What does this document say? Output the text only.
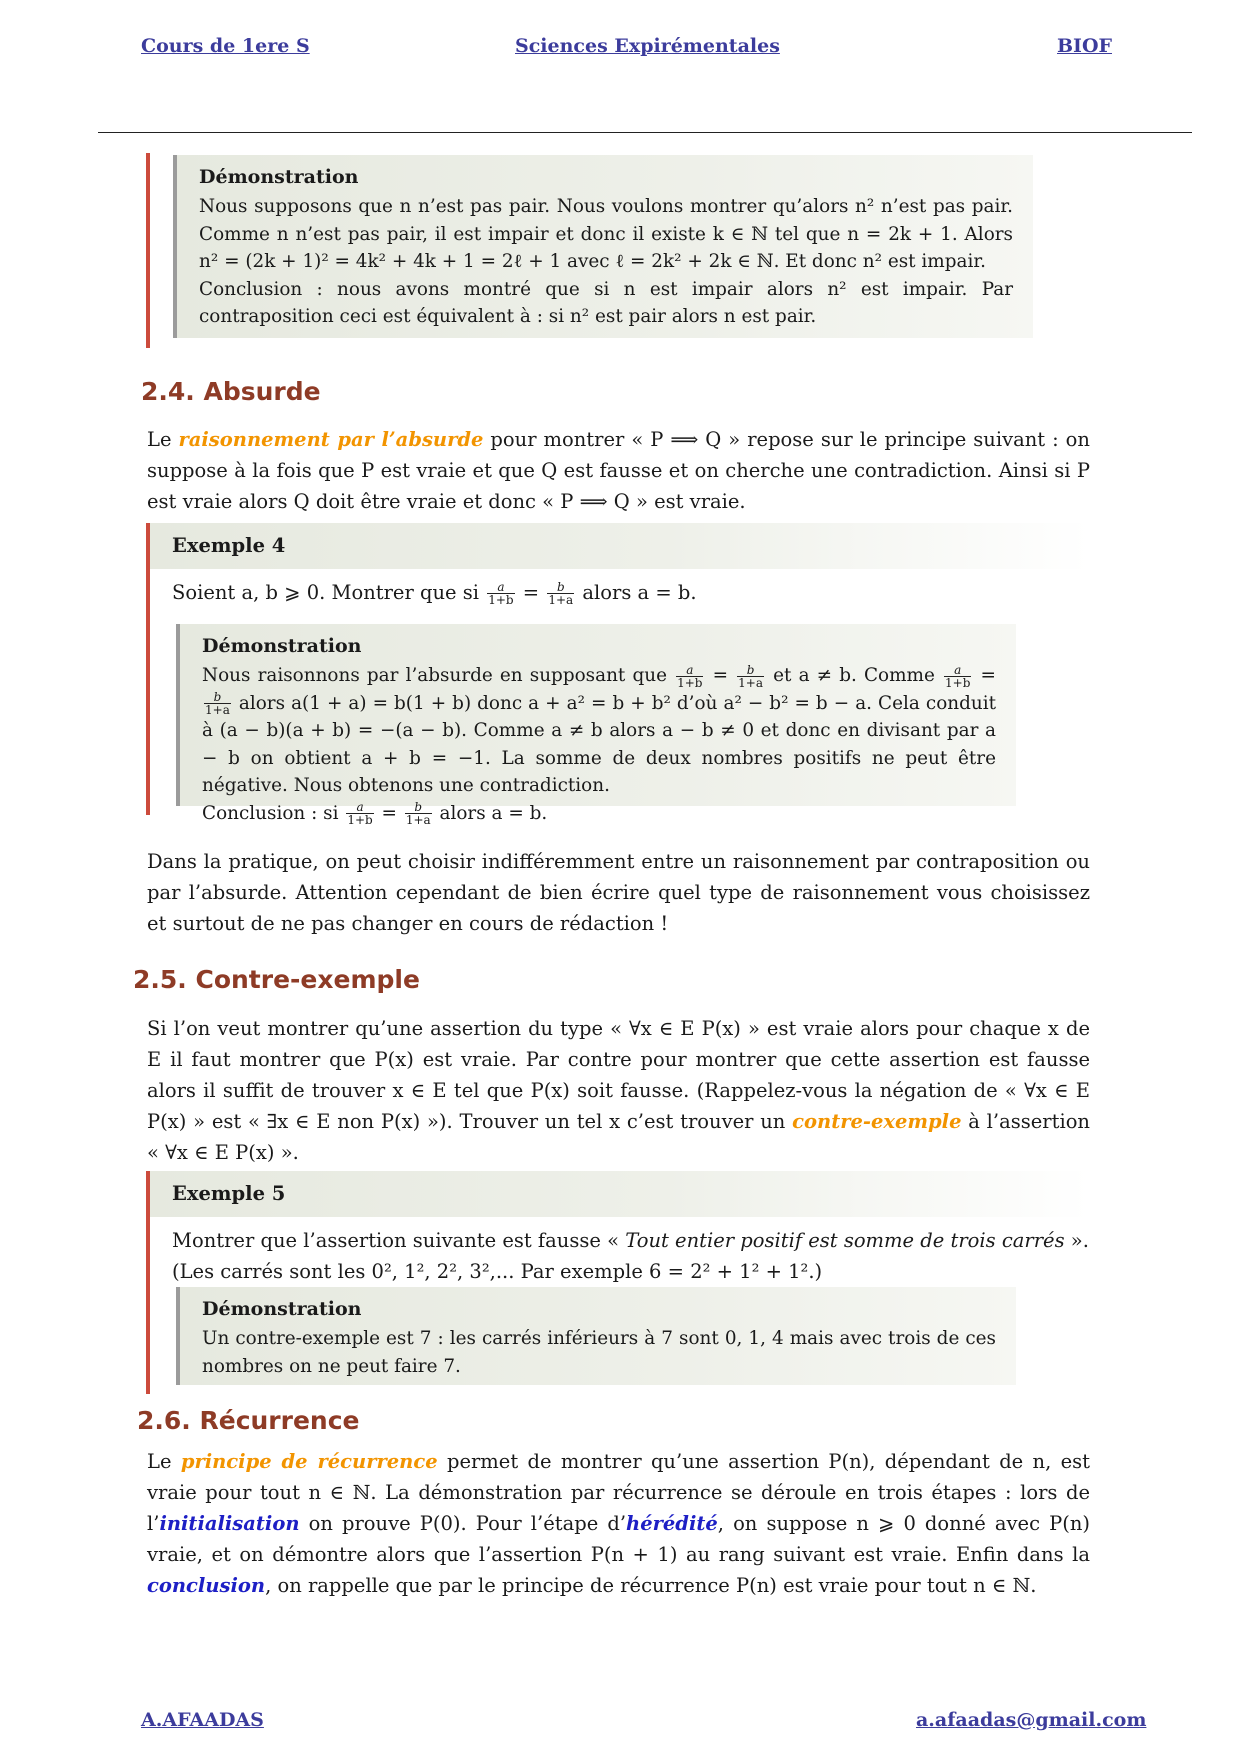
Cours de 1ere S	Sciences Expirémentales	BIOF
Démonstration
Nous supposons que n n’est pas pair. Nous voulons montrer qu’alors n² n’est pas pair. Comme n n’est pas pair, il est impair et donc il existe k ∈ ℕ tel que n = 2k + 1. Alors n² = (2k + 1)² = 4k² + 4k + 1 = 2ℓ + 1 avec ℓ = 2k² + 2k ∈ ℕ. Et donc n² est impair.
Conclusion : nous avons montré que si n est impair alors n² est impair. Par contraposition ceci est équivalent à : si n² est pair alors n est pair.
2.4. Absurde
Le raisonnement par l’absurde pour montrer « P ⟹ Q » repose sur le principe suivant : on suppose à la fois que P est vraie et que Q est fausse et on cherche une contradiction. Ainsi si P est vraie alors Q doit être vraie et donc « P ⟹ Q » est vraie.
Exemple 4
Soient a, b ⩾ 0. Montrer que si $\frac{a}{1+b} = \frac{b}{1+a}$ alors a = b.
Démonstration
Nous raisonnons par l’absurde en supposant que $\frac{a}{1+b} = \frac{b}{1+a}$ et a ≠ b. Comme $\frac{a}{1+b}$ =
$\frac{b}{1+a}$ alors a(1 + a) = b(1 + b) donc a + a² = b + b² d’où a² − b² = b − a. Cela conduit à (a − b)(a + b) = −(a − b). Comme a ≠ b alors a − b ≠ 0 et donc en divisant par a − b on obtient a + b = −1. La somme de deux nombres positifs ne peut être négative. Nous obtenons une contradiction.
Conclusion : si $\frac{a}{1+b} = \frac{b}{1+a}$ alors a = b.
Dans la pratique, on peut choisir indifféremment entre un raisonnement par contraposition ou par l’absurde. Attention cependant de bien écrire quel type de raisonnement vous choisissez et surtout de ne pas changer en cours de rédaction !
2.5. Contre-exemple
Si l’on veut montrer qu’une assertion du type « ∀x ∈ E P(x) » est vraie alors pour chaque x de E il faut montrer que P(x) est vraie. Par contre pour montrer que cette assertion est fausse alors il suffit de trouver x ∈ E tel que P(x) soit fausse. (Rappelez-vous la négation de « ∀x ∈ E P(x) » est « ∃x ∈ E non P(x) »). Trouver un tel x c’est trouver un contre-exemple à l’assertion « ∀x ∈ E P(x) ».
Exemple 5
Montrer que l’assertion suivante est fausse « Tout entier positif est somme de trois carrés ».
(Les carrés sont les 0², 1², 2², 3²,... Par exemple 6 = 2² + 1² + 1².)
Démonstration
Un contre-exemple est 7 : les carrés inférieurs à 7 sont 0, 1, 4 mais avec trois de ces nombres on ne peut faire 7.
2.6. Récurrence
Le principe de récurrence permet de montrer qu’une assertion P(n), dépendant de n, est vraie pour tout n ∈ ℕ. La démonstration par récurrence se déroule en trois étapes : lors de l’initialisation on prouve P(0). Pour l’étape d’hérédité, on suppose n ⩾ 0 donné avec P(n) vraie, et on démontre alors que l’assertion P(n + 1) au rang suivant est vraie. Enfin dans la conclusion, on rappelle que par le principe de récurrence P(n) est vraie pour tout n ∈ ℕ.
A.AFAADAS	a.afaadas@gmail.com
